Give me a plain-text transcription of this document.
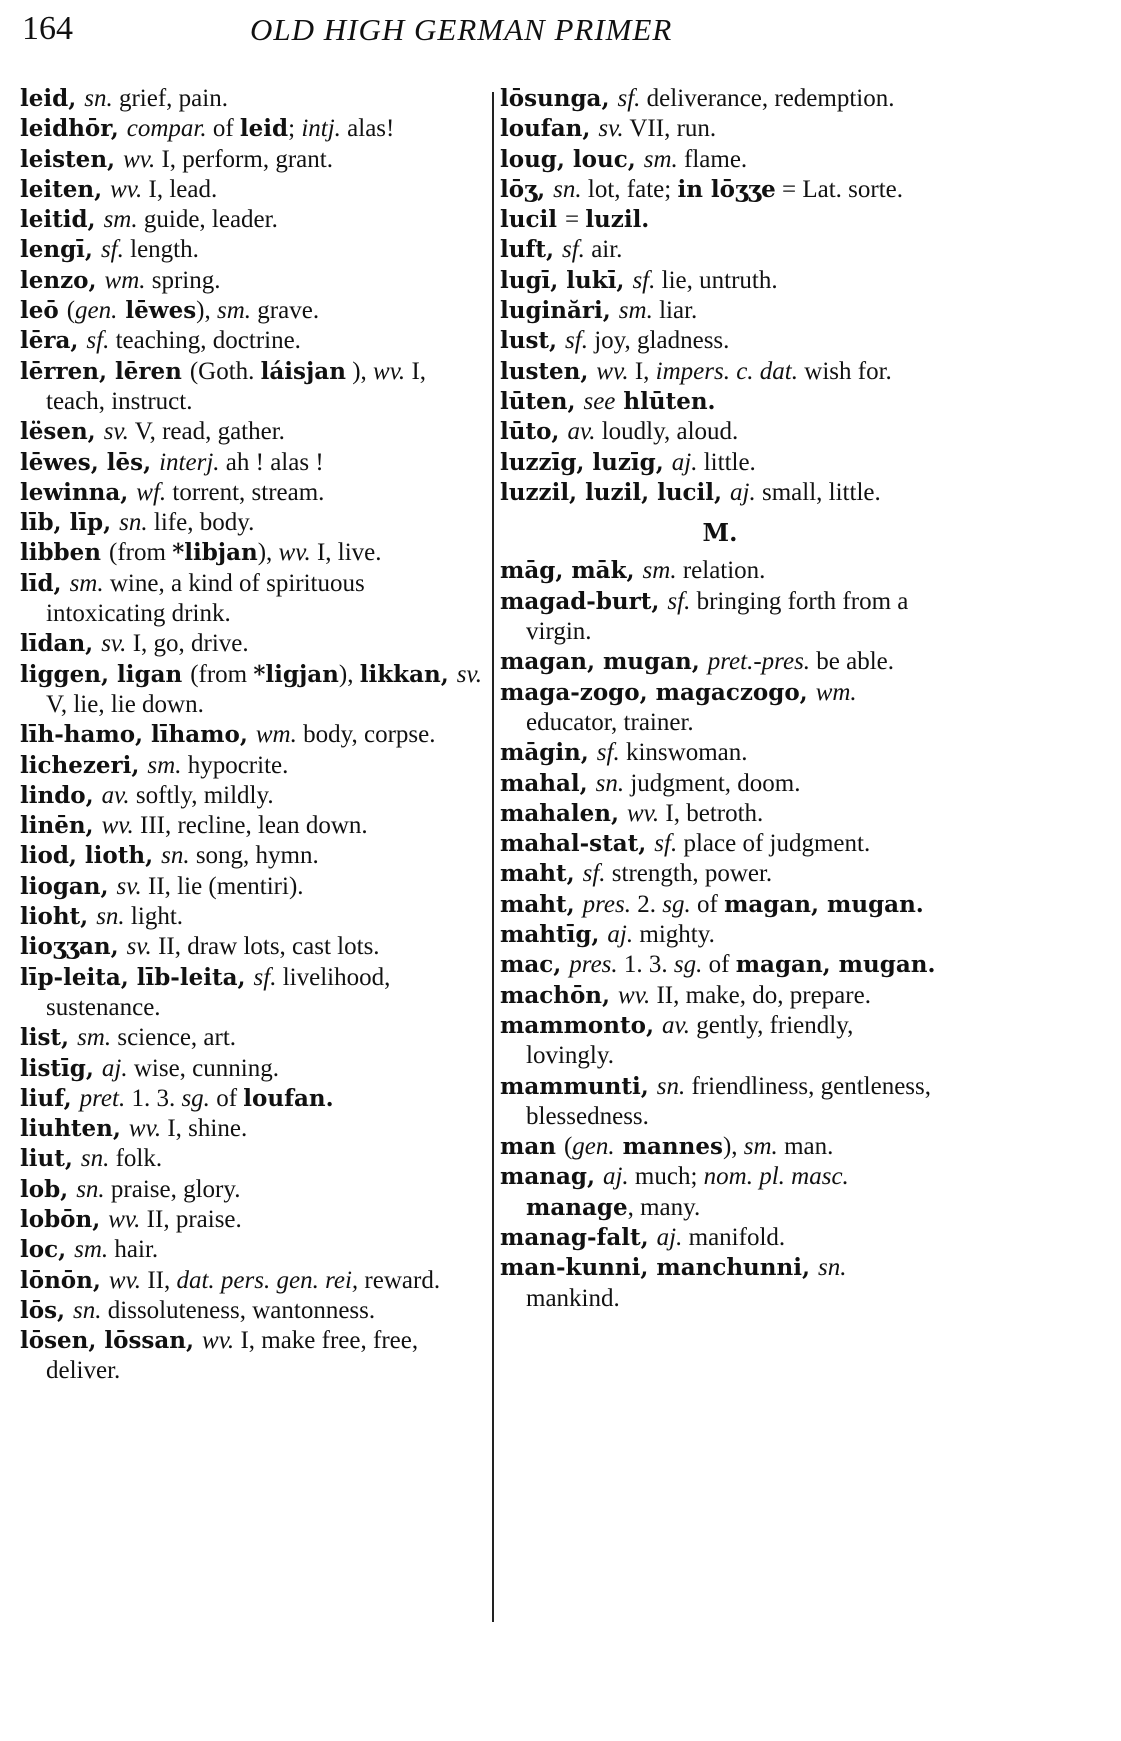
164	OLD HIGH GERMAN PRIMER

leid, sn. grief, pain.

leidhōr, compar. of leid; intj. alas!

leisten, wv. I, perform, grant.

leiten, wv. I, lead.

leitid, sm. guide, leader.

lengī, sf. length.

lenzo, wm. spring.

leō (gen. lēwes), sm. grave.

lēra, sf. teaching, doctrine.

lērren, lēren (Goth. láisjan ), wv. I, teach, instruct.

lësen, sv. V, read, gather.

lēwes, lēs, interj. ah ! alas !

lewinna, wf. torrent, stream.

līb, līp, sn. life, body.

libben (from *libjan), wv. I, live.

līd, sm. wine, a kind of spirituous intoxicating drink.

līdan, sv. I, go, drive.

liggen, ligan (from *ligjan), likkan, sv. V, lie, lie down.

līh-hamo, līhamo, wm. body, corpse.

lichezeri, sm. hypocrite.

lindo, av. softly, mildly.

linēn, wv. III, recline, lean down.

liod, lioth, sn. song, hymn.

liogan, sv. II, lie (mentiri).

lioht, sn. light.

lioʒʒan, sv. II, draw lots, cast lots.

līp-leita, līb-leita, sf. livelihood, sustenance.

list, sm. science, art.

listīg, aj. wise, cunning.

liuf, pret. 1. 3. sg. of loufan.

liuhten, wv. I, shine.

liut, sn. folk.

lob, sn. praise, glory.

lobōn, wv. II, praise.

loc, sm. hair.

lōnōn, wv. II, dat. pers. gen. rei, reward.

lōs, sn. dissoluteness, wantonness.

lōsen, lōssan, wv. I, make free, free, deliver.

lōsunga, sf. deliverance, redemption.

loufan, sv. VII, run.

loug, louc, sm. flame.

lōʒ, sn. lot, fate; in lōʒʒe = Lat. sorte.

lucil = luzil.

luft, sf. air.

lugī, lukī, sf. lie, untruth.

luginări, sm. liar.

lust, sf. joy, gladness.

lusten, wv. I, impers. c. dat. wish for.

lūten, see hlūten.

lūto, av. loudly, aloud.

luzzīg, luzīg, aj. little.

luzzil, luzil, lucil, aj. small, little.

M.

māg, māk, sm. relation.

magad-burt, sf. bringing forth from a virgin.

magan, mugan, pret.-pres. be able.

maga-zogo, magaczogo, wm. educator, trainer.

māgin, sf. kinswoman.

mahal, sn. judgment, doom.

mahalen, wv. I, betroth.

mahal-stat, sf. place of judgment.

maht, sf. strength, power.

maht, pres. 2. sg. of magan, mugan.

mahtīg, aj. mighty.

mac, pres. 1. 3. sg. of magan, mugan.

machōn, wv. II, make, do, prepare.

mammonto, av. gently, friendly, lovingly.

mammunti, sn. friendliness, gentleness, blessedness.

man (gen. mannes), sm. man.

manag, aj. much; nom. pl. masc. manage, many.

manag-falt, aj. manifold.

man-kunni, manchunni, sn. mankind.
